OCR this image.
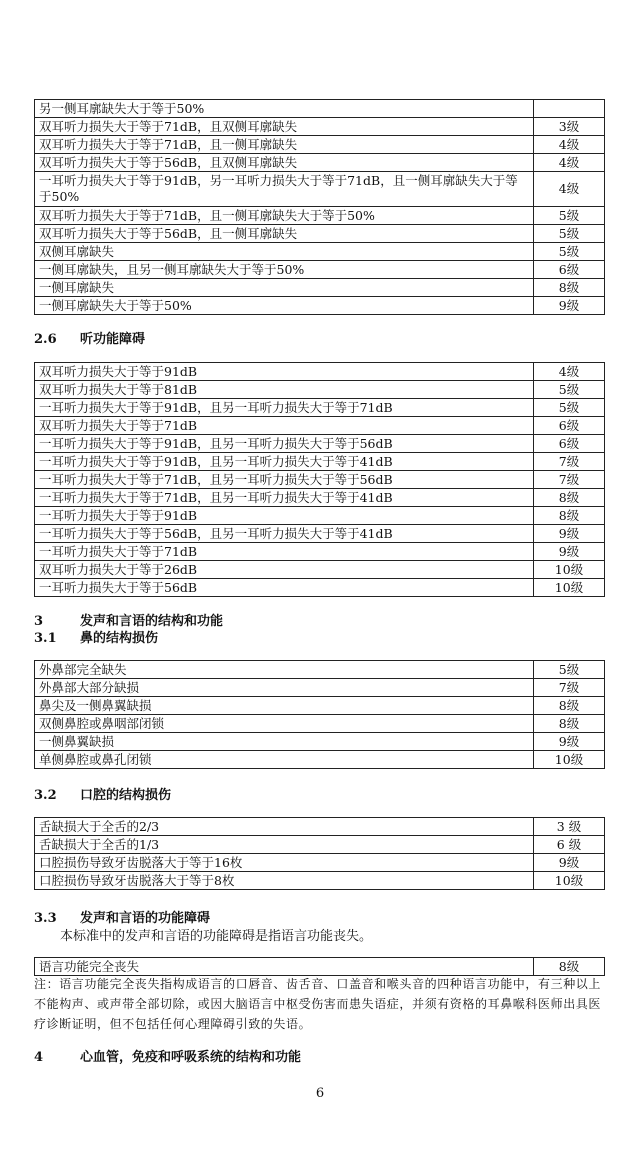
另一侧耳廓缺失大于等于50%	
双耳听力损失大于等于71dB，且双侧耳廓缺失	3级
双耳听力损失大于等于71dB，且一侧耳廓缺失	4级
双耳听力损失大于等于56dB，且双侧耳廓缺失	4级
一耳听力损失大于等于91dB，另一耳听力损失大于等于71dB，且一侧耳廓缺失大于等于50%	4级
双耳听力损失大于等于71dB，且一侧耳廓缺失大于等于50%	5级
双耳听力损失大于等于56dB，且一侧耳廓缺失	5级
双侧耳廓缺失	5级
一侧耳廓缺失，且另一侧耳廓缺失大于等于50%	6级
一侧耳廓缺失	8级
一侧耳廓缺失大于等于50%	9级
2.6 听功能障碍
双耳听力损失大于等于91dB	4级
双耳听力损失大于等于81dB	5级
一耳听力损失大于等于91dB，且另一耳听力损失大于等于71dB	5级
双耳听力损失大于等于71dB	6级
一耳听力损失大于等于91dB，且另一耳听力损失大于等于56dB	6级
一耳听力损失大于等于91dB，且另一耳听力损失大于等于41dB	7级
一耳听力损失大于等于71dB，且另一耳听力损失大于等于56dB	7级
一耳听力损失大于等于71dB，且另一耳听力损失大于等于41dB	8级
一耳听力损失大于等于91dB	8级
一耳听力损失大于等于56dB，且另一耳听力损失大于等于41dB	9级
一耳听力损失大于等于71dB	9级
双耳听力损失大于等于26dB	10级
一耳听力损失大于等于56dB	10级
3	发声和言语的结构和功能
3.1 鼻的结构损伤
外鼻部完全缺失	5级
外鼻部大部分缺损	7级
鼻尖及一侧鼻翼缺损	8级
双侧鼻腔或鼻咽部闭锁	8级
一侧鼻翼缺损	9级
单侧鼻腔或鼻孔闭锁	10级
3.2 口腔的结构损伤
舌缺损大于全舌的2/3	3 级
舌缺损大于全舌的1/3	6 级
口腔损伤导致牙齿脱落大于等于16枚	9级
口腔损伤导致牙齿脱落大于等于8枚	10级
3.3 发声和言语的功能障碍
本标准中的发声和言语的功能障碍是指语言功能丧失。
语言功能完全丧失	8级
注：语言功能完全丧失指构成语言的口唇音、齿舌音、口盖音和喉头音的四种语言功能中，有三种以上不能构声、或声带全部切除，或因大脑语言中枢受伤害而患失语症，并须有资格的耳鼻喉科医师出具医疗诊断证明，但不包括任何心理障碍引致的失语。
4	心血管，免疫和呼吸系统的结构和功能
6
